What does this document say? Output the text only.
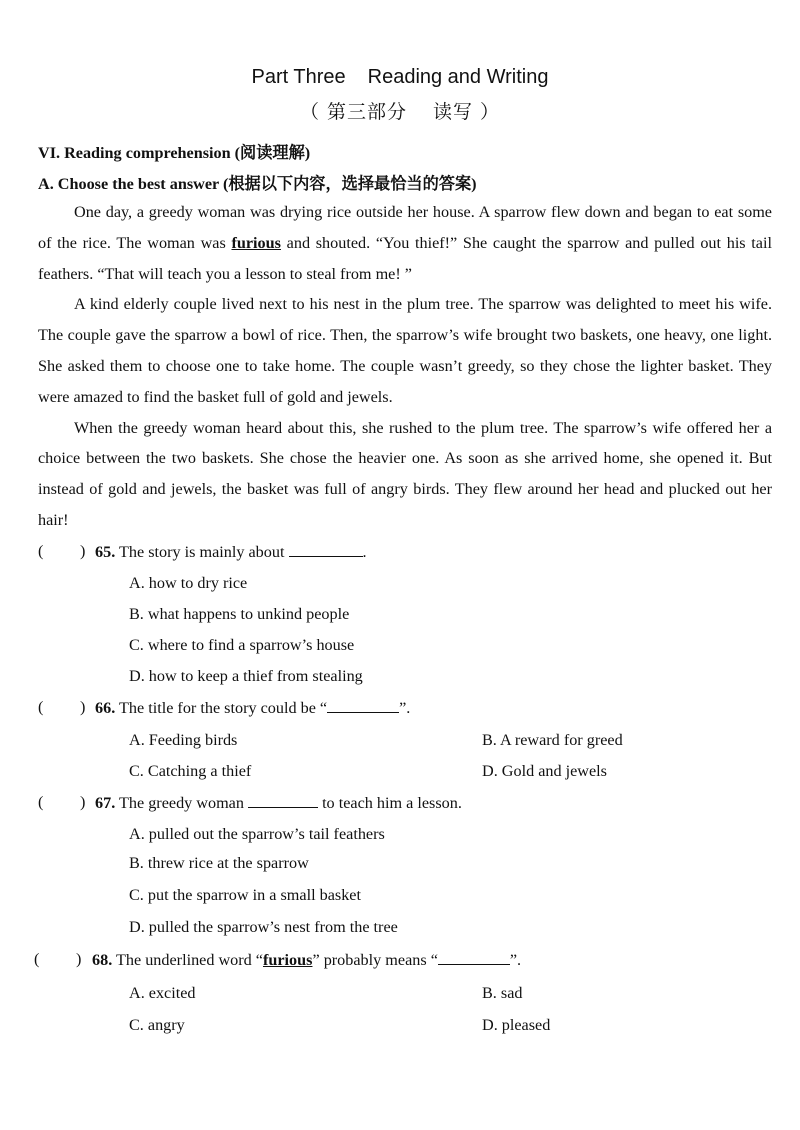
Part Three Reading and Writing
（ 第三部分 读写 ）
VI. Reading comprehension (阅读理解)
A. Choose the best answer (根据以下内容，选择最恰当的答案)

One day, a greedy woman was drying rice outside her house. A sparrow flew down and began to eat some of the rice. The woman was furious and shouted. “You thief!” She caught the sparrow and pulled out his tail feathers. “That will teach you a lesson to steal from me! ”

A kind elderly couple lived next to his nest in the plum tree. The sparrow was delighted to meet his wife. The couple gave the sparrow a bowl of rice. Then, the sparrow’s wife brought two baskets, one heavy, one light. She asked them to choose one to take home. The couple wasn’t greedy, so they chose the lighter basket. They were amazed to find the basket full of gold and jewels.

When the greedy woman heard about this, she rushed to the plum tree. The sparrow’s wife offered her a choice between the two baskets. She chose the heavier one. As soon as she arrived home, she opened it. But instead of gold and jewels, the basket was full of angry birds. They flew around her head and plucked out her hair!

( ) 65. The story is mainly about	.
A. how to dry rice
B. what happens to unkind people
C. where to find a sparrow’s house
D. how to keep a thief from stealing
( ) 66. The title for the story could be “	”.
A. Feeding birds	B. A reward for greed
C. Catching a thief	D. Gold and jewels
( ) 67. The greedy woman	to teach him a lesson.
A. pulled out the sparrow’s tail feathers
B. threw rice at the sparrow
C. put the sparrow in a small basket
D. pulled the sparrow’s nest from the tree
( ) 68. The underlined word “furious” probably means “	”.
A. excited	B. sad
C. angry	D. pleased
